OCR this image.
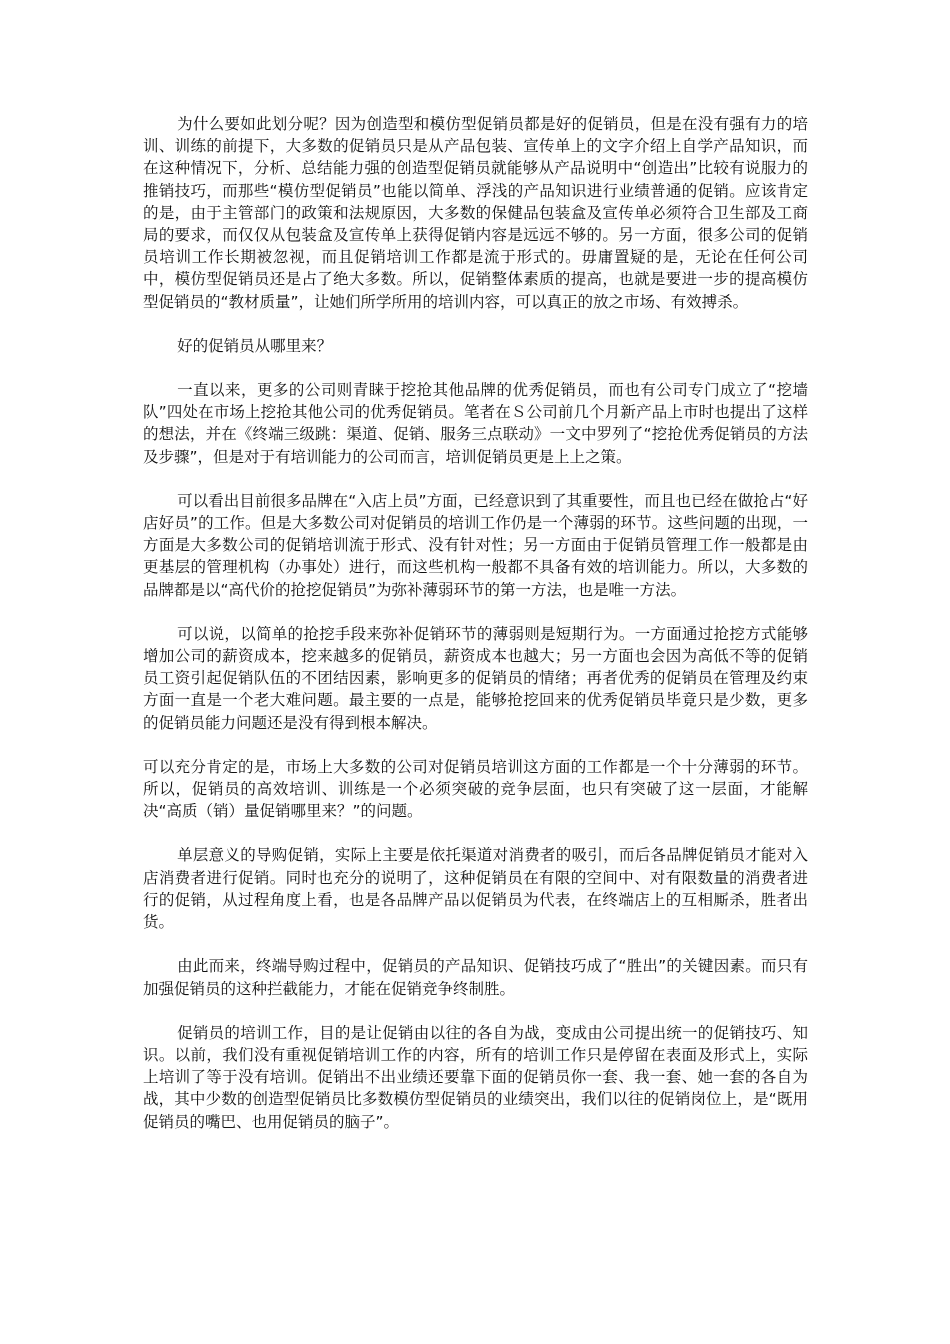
为什么要如此划分呢？因为创造型和模仿型促销员都是好的促销员，但是在没有强有力的培训、训练的前提下，大多数的促销员只是从产品包装、宣传单上的文字介绍上自学产品知识，而在这种情况下，分析、总结能力强的创造型促销员就能够从产品说明中“创造出”比较有说服力的推销技巧，而那些“模仿型促销员”也能以简单、浮浅的产品知识进行业绩普通的促销。应该肯定的是，由于主管部门的政策和法规原因，大多数的保健品包装盒及宣传单必须符合卫生部及工商局的要求，而仅仅从包装盒及宣传单上获得促销内容是远远不够的。另一方面，很多公司的促销员培训工作长期被忽视，而且促销培训工作都是流于形式的。毋庸置疑的是，无论在任何公司中，模仿型促销员还是占了绝大多数。所以，促销整体素质的提高，也就是要进一步的提高模仿型促销员的“教材质量”，让她们所学所用的培训内容，可以真正的放之市场、有效搏杀。

好的促销员从哪里来？

一直以来，更多的公司则青睐于挖抢其他品牌的优秀促销员，而也有公司专门成立了“挖墙队”四处在市场上挖抢其他公司的优秀促销员。笔者在Ｓ公司前几个月新产品上市时也提出了这样的想法，并在《终端三级跳：渠道、促销、服务三点联动》一文中罗列了“挖抢优秀促销员的方法及步骤”，但是对于有培训能力的公司而言，培训促销员更是上上之策。

可以看出目前很多品牌在“入店上员”方面，已经意识到了其重要性，而且也已经在做抢占“好店好员”的工作。但是大多数公司对促销员的培训工作仍是一个薄弱的环节。这些问题的出现，一方面是大多数公司的促销培训流于形式、没有针对性；另一方面由于促销员管理工作一般都是由更基层的管理机构（办事处）进行，而这些机构一般都不具备有效的培训能力。所以，大多数的品牌都是以“高代价的抢挖促销员”为弥补薄弱环节的第一方法，也是唯一方法。

可以说，以简单的抢挖手段来弥补促销环节的薄弱则是短期行为。一方面通过抢挖方式能够增加公司的薪资成本，挖来越多的促销员，薪资成本也越大；另一方面也会因为高低不等的促销员工资引起促销队伍的不团结因素，影响更多的促销员的情绪；再者优秀的促销员在管理及约束方面一直是一个老大难问题。最主要的一点是，能够抢挖回来的优秀促销员毕竟只是少数，更多的促销员能力问题还是没有得到根本解决。

可以充分肯定的是，市场上大多数的公司对促销员培训这方面的工作都是一个十分薄弱的环节。所以，促销员的高效培训、训练是一个必须突破的竞争层面，也只有突破了这一层面，才能解决“高质（销）量促销哪里来？”的问题。

单层意义的导购促销，实际上主要是依托渠道对消费者的吸引，而后各品牌促销员才能对入店消费者进行促销。同时也充分的说明了，这种促销员在有限的空间中、对有限数量的消费者进行的促销，从过程角度上看，也是各品牌产品以促销员为代表，在终端店上的互相厮杀，胜者出货。

由此而来，终端导购过程中，促销员的产品知识、促销技巧成了“胜出”的关键因素。而只有加强促销员的这种拦截能力，才能在促销竞争终制胜。

促销员的培训工作，目的是让促销由以往的各自为战，变成由公司提出统一的促销技巧、知识。以前，我们没有重视促销培训工作的内容，所有的培训工作只是停留在表面及形式上，实际上培训了等于没有培训。促销出不出业绩还要靠下面的促销员你一套、我一套、她一套的各自为战，其中少数的创造型促销员比多数模仿型促销员的业绩突出，我们以往的促销岗位上，是“既用促销员的嘴巴、也用促销员的脑子”。
